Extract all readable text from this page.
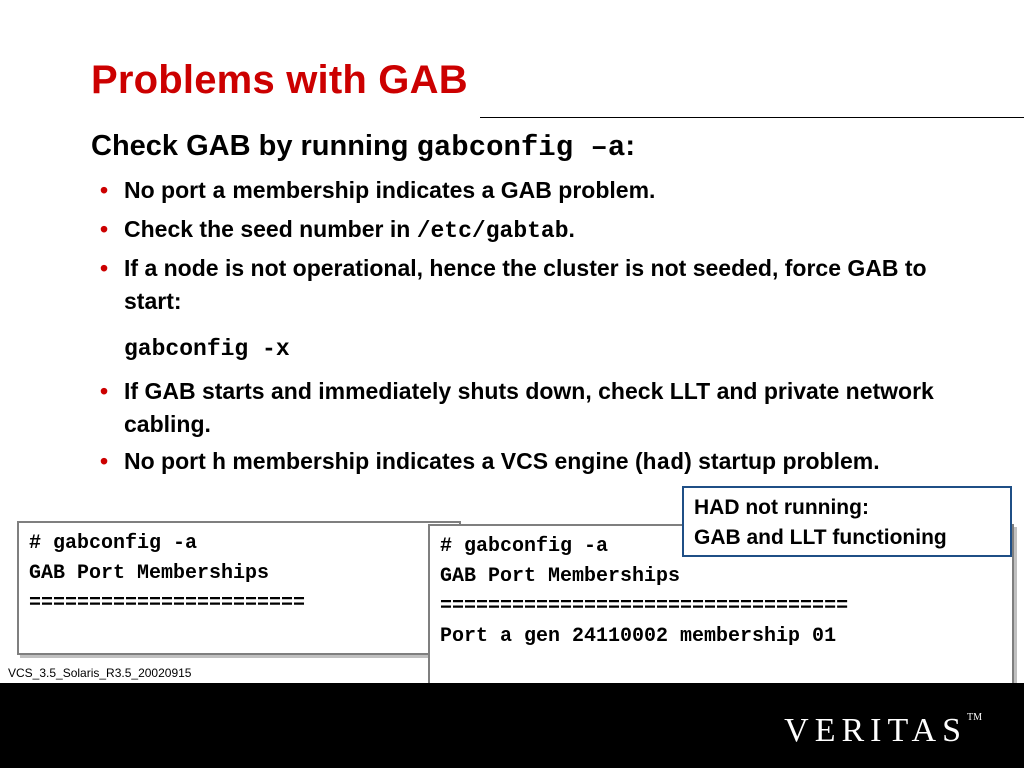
Problems with GAB
Check GAB by running gabconfig –a:
• No port a membership indicates a GAB problem.
• Check the seed number in /etc/gabtab.
• If a node is not operational, hence the cluster is not seeded, force GAB to start:
gabconfig -x
• If GAB starts and immediately shuts down, check LLT and private network cabling.
• No port h membership indicates a VCS engine (had) startup problem.
# gabconfig -a
GAB Port Memberships
=======================
# gabconfig -a
GAB Port Memberships
==================================
Port a gen 24110002 membership 01
HAD not running:
GAB and LLT functioning
VCS_3.5_Solaris_R3.5_20020915
VERITAS™
